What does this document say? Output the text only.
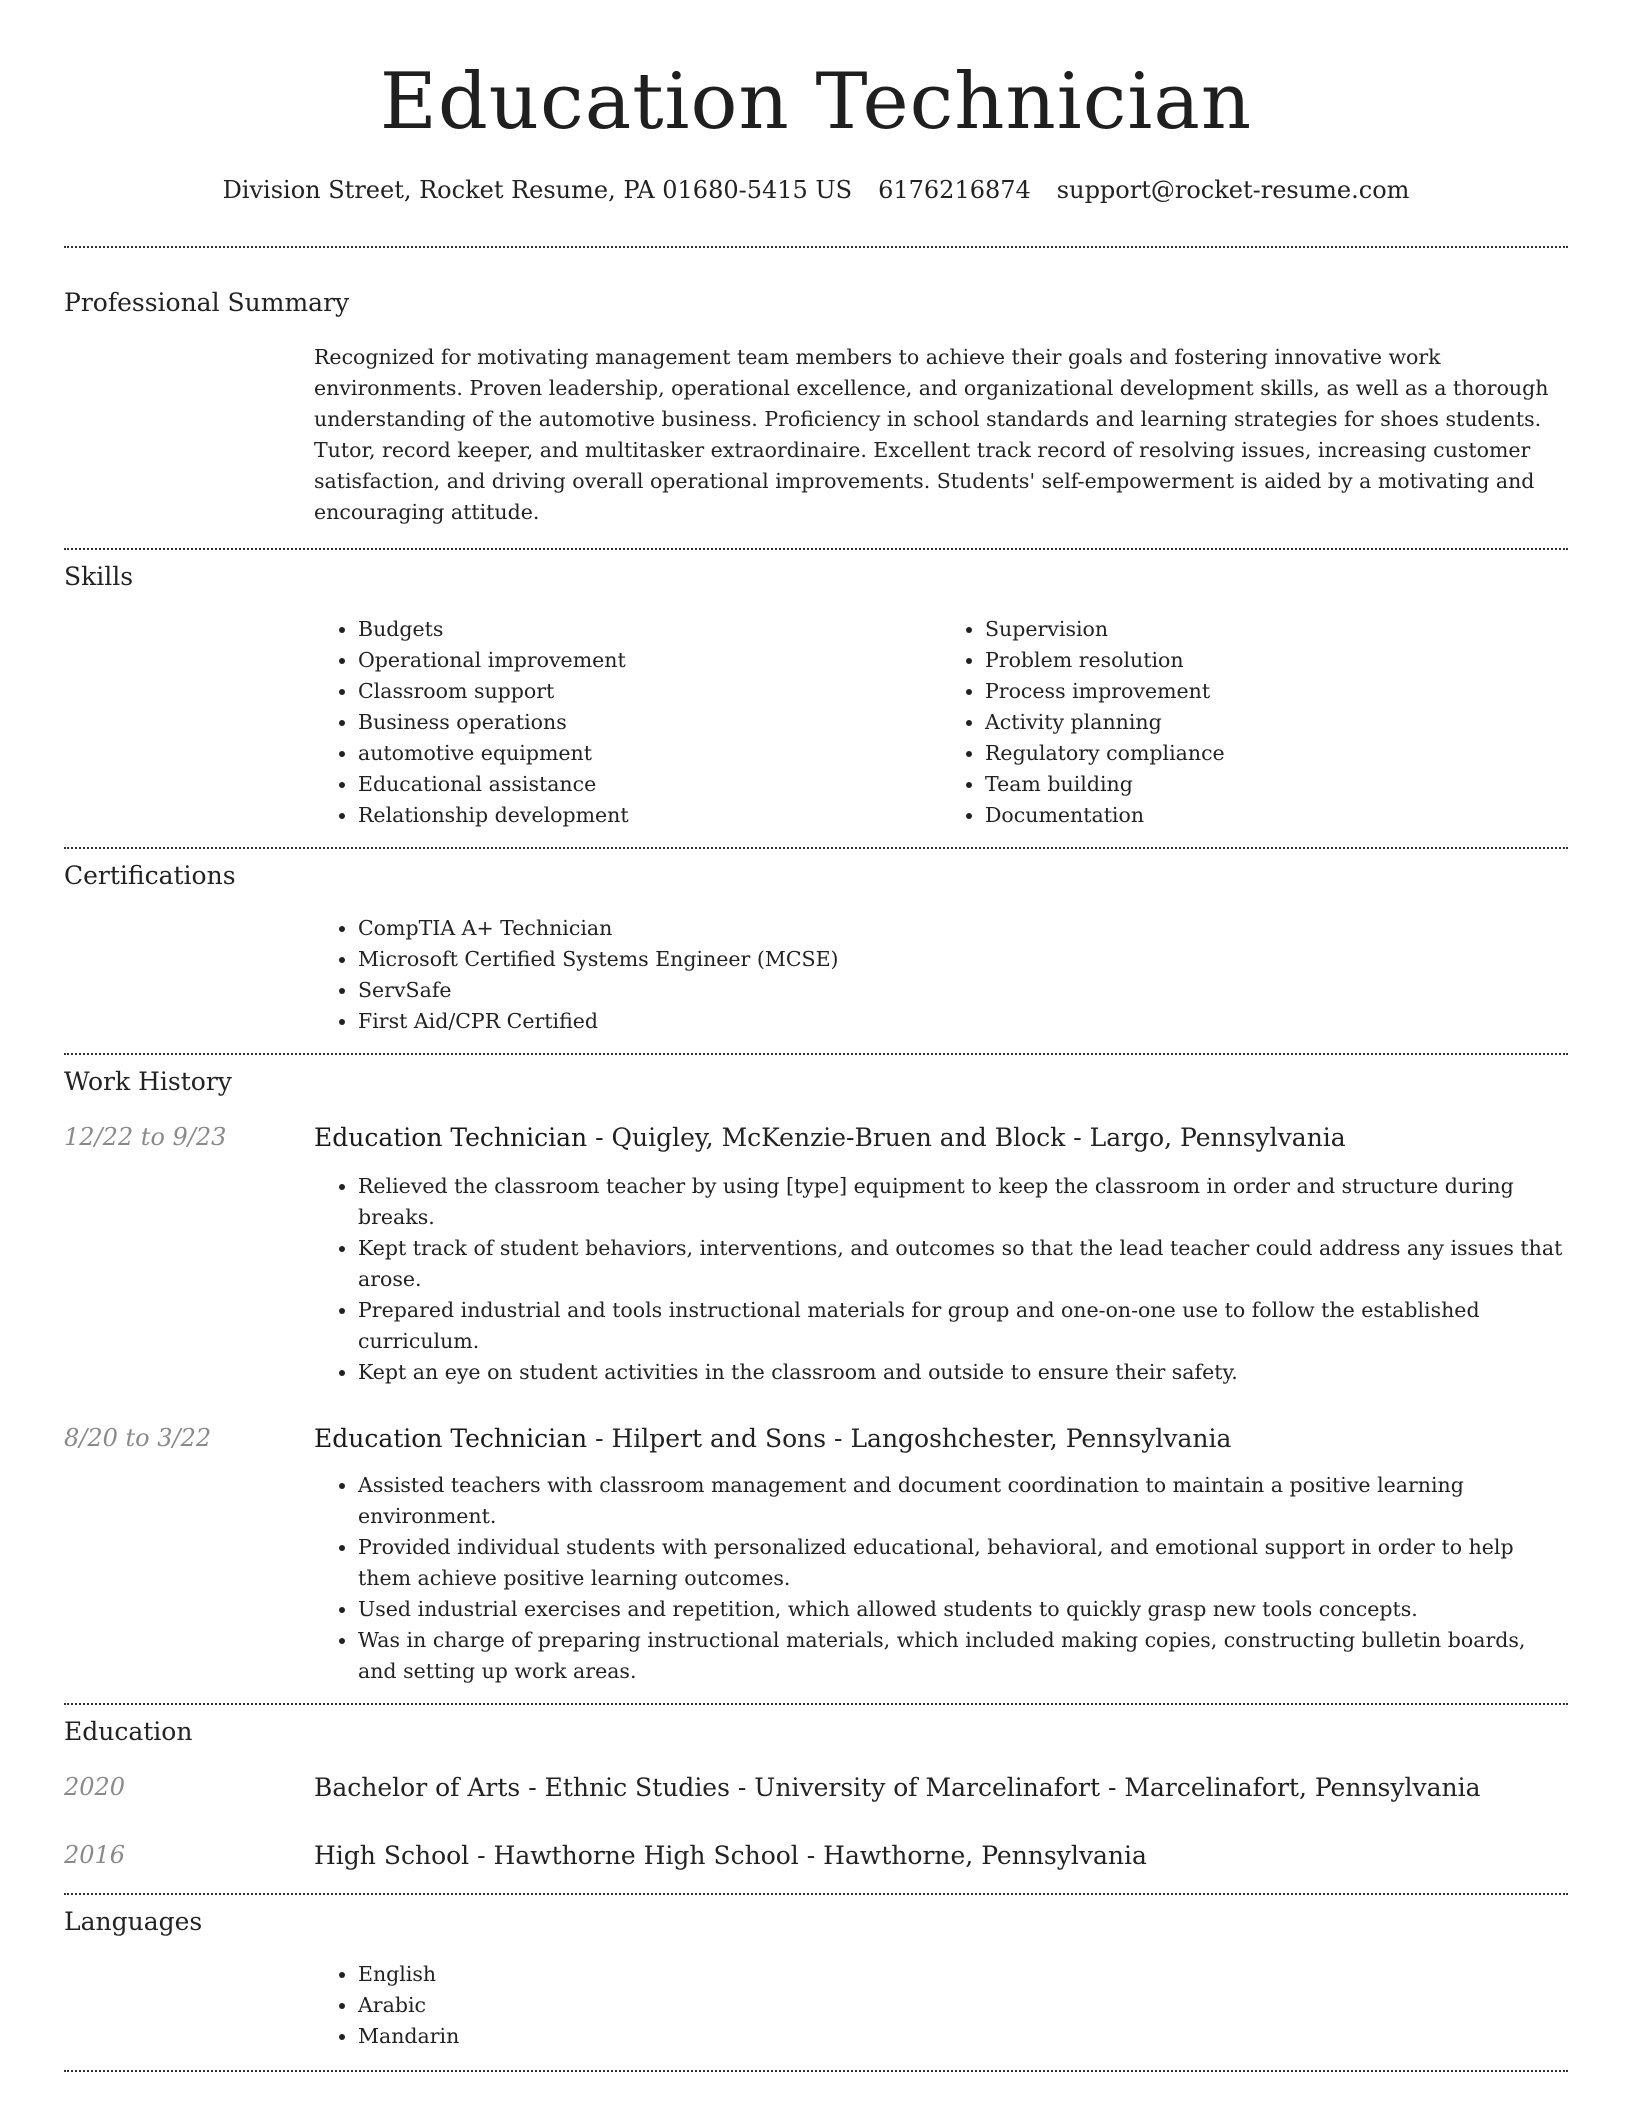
Education Technician
Division Street, Rocket Resume, PA 01680-5415 US 6176216874 support@rocket-resume.com
Professional Summary

Recognized for motivating management team members to achieve their goals and fostering innovative work environments. Proven leadership, operational excellence, and organizational development skills, as well as a thorough understanding of the automotive business. Proficiency in school standards and learning strategies for shoes students. Tutor, record keeper, and multitasker extraordinaire. Excellent track record of resolving issues, increasing customer satisfaction, and driving overall operational improvements. Students' self-empowerment is aided by a motivating and encouraging attitude.

Skills
• Budgets
• Operational improvement
• Classroom support
• Business operations
• automotive equipment
• Educational assistance
• Relationship development
• Supervision
• Problem resolution
• Process improvement
• Activity planning
• Regulatory compliance
• Team building
• Documentation
Certifications
• CompTIA A+ Technician
• Microsoft Certified Systems Engineer (MCSE)
• ServSafe
• First Aid/CPR Certified
Work History
12/22 to 9/23	Education Technician - Quigley, McKenzie-Bruen and Block - Largo, Pennsylvania
• Relieved the classroom teacher by using [type] equipment to keep the classroom in order and structure during breaks.
• Kept track of student behaviors, interventions, and outcomes so that the lead teacher could address any issues that arose.
• Prepared industrial and tools instructional materials for group and one-on-one use to follow the established curriculum.
• Kept an eye on student activities in the classroom and outside to ensure their safety.
8/20 to 3/22	Education Technician - Hilpert and Sons - Langoshchester, Pennsylvania
• Assisted teachers with classroom management and document coordination to maintain a positive learning environment.
• Provided individual students with personalized educational, behavioral, and emotional support in order to help them achieve positive learning outcomes.
• Used industrial exercises and repetition, which allowed students to quickly grasp new tools concepts.
• Was in charge of preparing instructional materials, which included making copies, constructing bulletin boards, and setting up work areas.
Education
2020	Bachelor of Arts - Ethnic Studies - University of Marcelinafort - Marcelinafort, Pennsylvania
2016	High School - Hawthorne High School - Hawthorne, Pennsylvania
Languages
• English
• Arabic
• Mandarin
